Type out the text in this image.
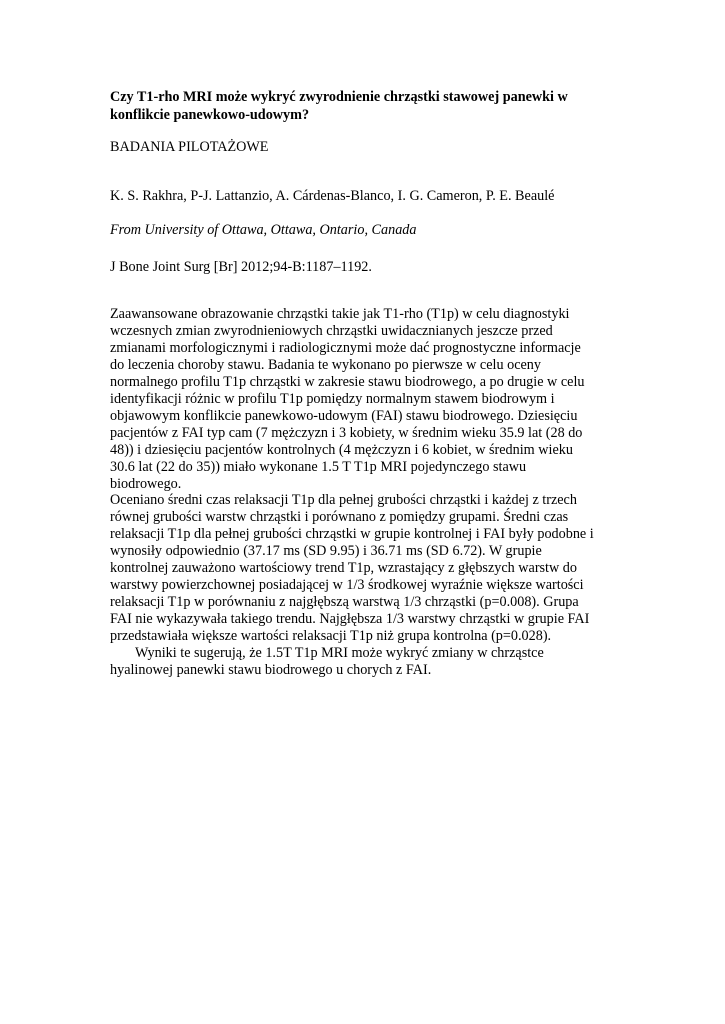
Czy T1-rho MRI może wykryć zwyrodnienie chrząstki stawowej panewki w
konflikcie panewkowo-udowym?

BADANIA PILOTAŻOWE

K. S. Rakhra, P-J. Lattanzio, A. Cárdenas-Blanco, I. G. Cameron, P. E. Beaulé

From University of Ottawa, Ottawa, Ontario, Canada

J Bone Joint Surg [Br] 2012;94-B:1187–1192.

Zaawansowane obrazowanie chrząstki takie jak T1-rho (T1p) w celu diagnostyki
wczesnych zmian zwyrodnieniowych chrząstki uwidacznianych jeszcze przed
zmianami morfologicznymi i radiologicznymi może dać prognostyczne informacje
do leczenia choroby stawu. Badania te wykonano po pierwsze w celu oceny
normalnego profilu T1p chrząstki w zakresie stawu biodrowego, a po drugie w celu
identyfikacji różnic w profilu T1p pomiędzy normalnym stawem biodrowym i
objawowym konflikcie panewkowo-udowym (FAI) stawu biodrowego. Dziesięciu
pacjentów z FAI typ cam (7 mężczyzn i 3 kobiety, w średnim wieku 35.9 lat (28 do
48)) i dziesięciu pacjentów kontrolnych (4 mężczyzn i 6 kobiet, w średnim wieku
30.6 lat (22 do 35)) miało wykonane 1.5 T T1p MRI pojedynczego stawu
biodrowego.
Oceniano średni czas relaksacji T1p dla pełnej grubości chrząstki i każdej z trzech
równej grubości warstw chrząstki i porównano z pomiędzy grupami. Średni czas
relaksacji T1p dla pełnej grubości chrząstki w grupie kontrolnej i FAI były podobne i
wynosiły odpowiednio (37.17 ms (SD 9.95) i 36.71 ms (SD 6.72). W grupie
kontrolnej zauważono wartościowy trend T1p, wzrastający z głębszych warstw do
warstwy powierzchownej posiadającej w 1/3 środkowej wyraźnie większe wartości
relaksacji T1p w porównaniu z najgłębszą warstwą 1/3 chrząstki (p=0.008). Grupa
FAI nie wykazywała takiego trendu. Najgłębsza 1/3 warstwy chrząstki w grupie FAI
przedstawiała większe wartości relaksacji T1p niż grupa kontrolna (p=0.028).
Wyniki te sugerują, że 1.5T T1p MRI może wykryć zmiany w chrząstce
hyalinowej panewki stawu biodrowego u chorych z FAI.
